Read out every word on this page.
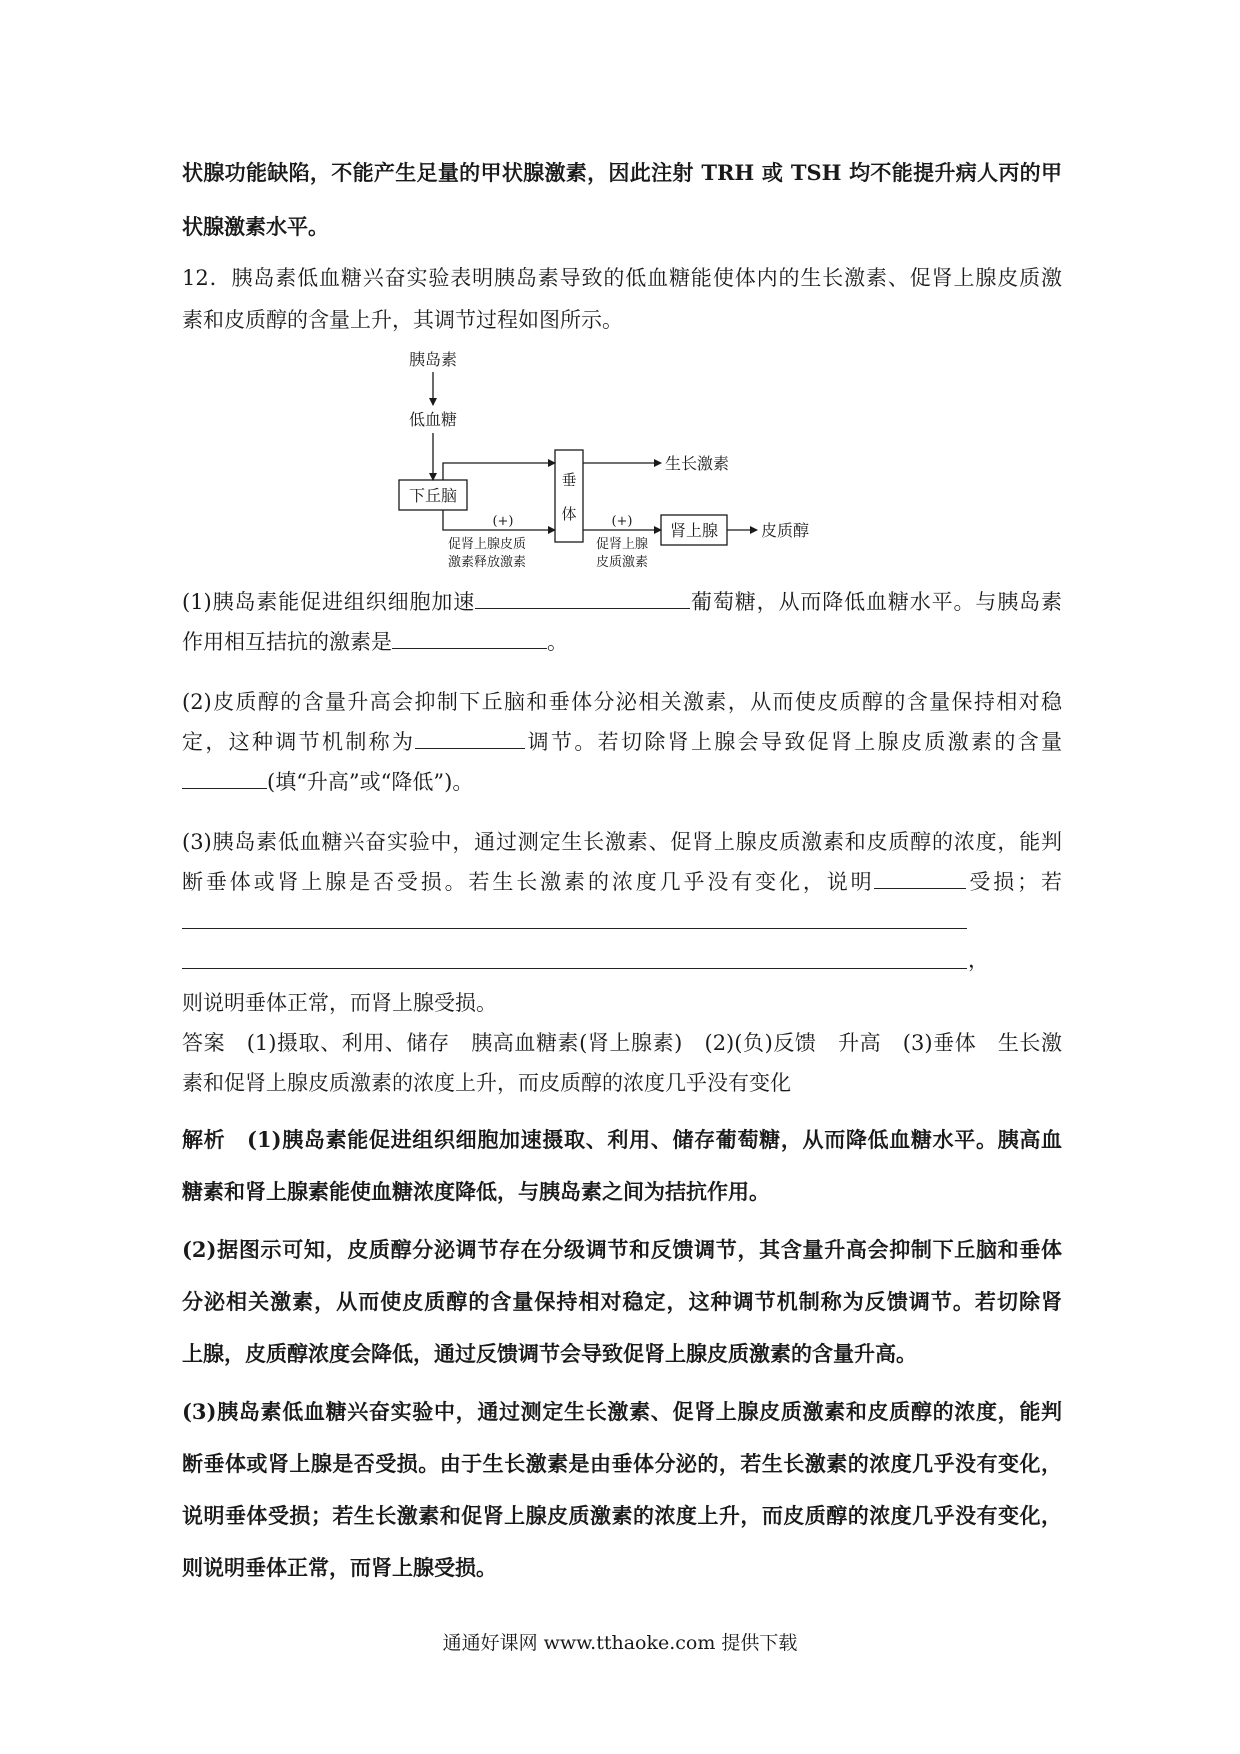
状腺功能缺陷，不能产生足量的甲状腺激素，因此注射 TRH 或 TSH 均不能提升病人丙的甲
状腺激素水平。
12．胰岛素低血糖兴奋实验表明胰岛素导致的低血糖能使体内的生长激素、促肾上腺皮质激
素和皮质醇的含量上升，其调节过程如图所示。
胰岛素
低血糖
下丘脑
(+)
促肾上腺皮质
激素释放激素
垂
体
生长激素
(+)
促肾上腺
皮质激素
肾上腺	皮质醇
(1)胰岛素能促进组织细胞加速	葡萄糖，从而降低血糖水平。与胰岛素
作用相互拮抗的激素是	。
(2)皮质醇的含量升高会抑制下丘脑和垂体分泌相关激素，从而使皮质醇的含量保持相对稳
定，这种调节机制称为	调节。若切除肾上腺会导致促肾上腺皮质激素的含量
(填“升高”或“降低”)。
(3)胰岛素低血糖兴奋实验中，通过测定生长激素、促肾上腺皮质激素和皮质醇的浓度，能判
断垂体或肾上腺是否受损。若生长激素的浓度几乎没有变化，说明	受损；若
，
则说明垂体正常，而肾上腺受损。
答案　(1)摄取、利用、储存　胰高血糖素(肾上腺素)　(2)(负)反馈　升高　(3)垂体　生长激
素和促肾上腺皮质激素的浓度上升，而皮质醇的浓度几乎没有变化
解析　(1)胰岛素能促进组织细胞加速摄取、利用、储存葡萄糖，从而降低血糖水平。胰高血
糖素和肾上腺素能使血糖浓度降低，与胰岛素之间为拮抗作用。
(2)据图示可知，皮质醇分泌调节存在分级调节和反馈调节，其含量升高会抑制下丘脑和垂体
分泌相关激素，从而使皮质醇的含量保持相对稳定，这种调节机制称为反馈调节。若切除肾
上腺，皮质醇浓度会降低，通过反馈调节会导致促肾上腺皮质激素的含量升高。
(3)胰岛素低血糖兴奋实验中，通过测定生长激素、促肾上腺皮质激素和皮质醇的浓度，能判
断垂体或肾上腺是否受损。由于生长激素是由垂体分泌的，若生长激素的浓度几乎没有变化，
说明垂体受损；若生长激素和促肾上腺皮质激素的浓度上升，而皮质醇的浓度几乎没有变化，
则说明垂体正常，而肾上腺受损。
通通好课网 www.tthaoke.com 提供下载
